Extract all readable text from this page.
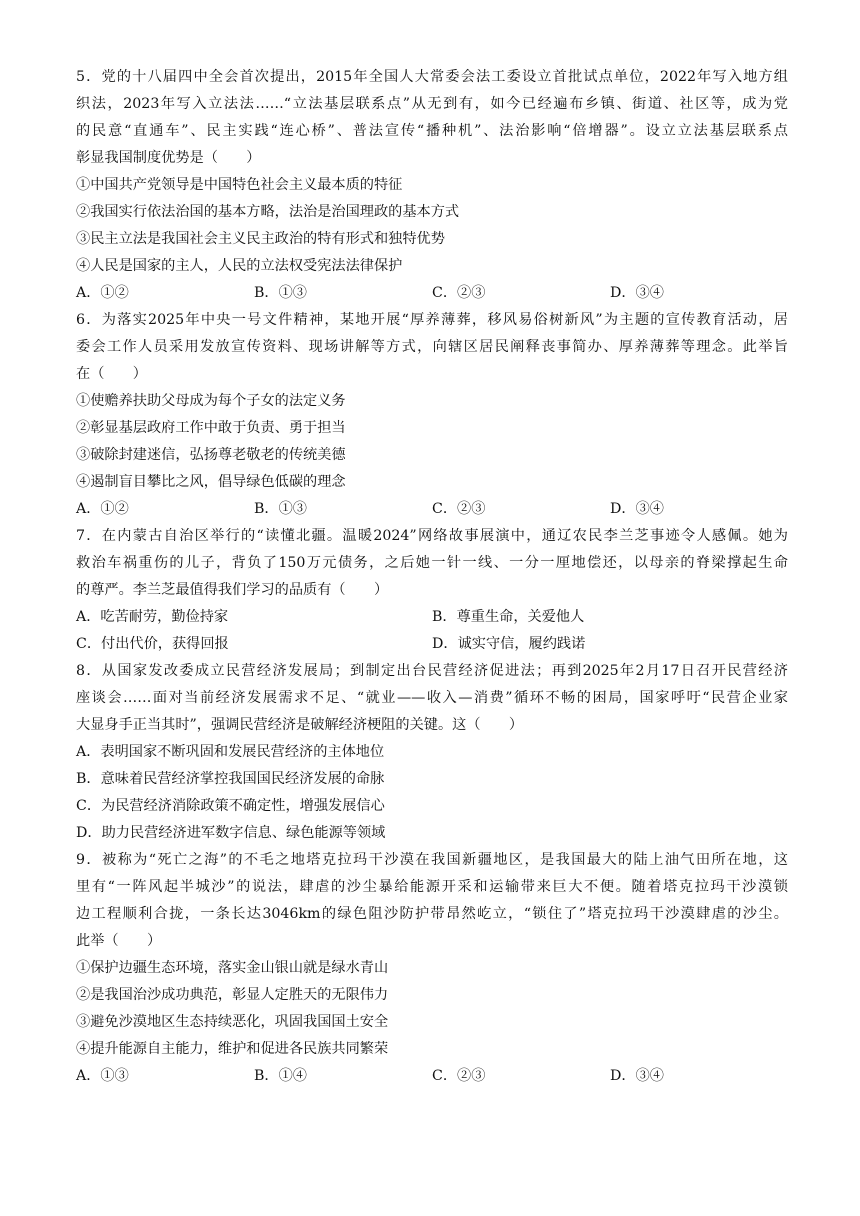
5．党的十八届四中全会首次提出，2015年全国人大常委会法工委设立首批试点单位，2022年写入地方组
织法，2023年写入立法法……“立法基层联系点”从无到有，如今已经遍布乡镇、街道、社区等，成为党
的民意“直通车”、民主实践“连心桥”、普法宣传“播种机”、法治影响“倍增器”。设立立法基层联系点
彰显我国制度优势是（　　）
①中国共产党领导是中国特色社会主义最本质的特征
②我国实行依法治国的基本方略，法治是治国理政的基本方式
③民主立法是我国社会主义民主政治的特有形式和独特优势
④人民是国家的主人，人民的立法权受宪法法律保护
A．①②	B．①③	C．②③	D．③④
6．为落实2025年中央一号文件精神，某地开展“厚养薄葬，移风易俗树新风”为主题的宣传教育活动，居
委会工作人员采用发放宣传资料、现场讲解等方式，向辖区居民阐释丧事简办、厚养薄葬等理念。此举旨
在（　　）
①使赡养扶助父母成为每个子女的法定义务
②彰显基层政府工作中敢于负责、勇于担当
③破除封建迷信，弘扬尊老敬老的传统美德
④遏制盲目攀比之风，倡导绿色低碳的理念
A．①②	B．①③	C．②③	D．③④
7．在内蒙古自治区举行的“读懂北疆。温暖2024”网络故事展演中，通辽农民李兰芝事迹令人感佩。她为
救治车祸重伤的儿子，背负了150万元债务，之后她一针一线、一分一厘地偿还，以母亲的脊梁撑起生命
的尊严。李兰芝最值得我们学习的品质有（　　）
A．吃苦耐劳，勤俭持家	B．尊重生命，关爱他人
C．付出代价，获得回报	D．诚实守信，履约践诺
8．从国家发改委成立民营经济发展局；到制定出台民营经济促进法；再到2025年2月17日召开民营经济
座谈会……面对当前经济发展需求不足、“就业——收入—消费”循环不畅的困局，国家呼吁“民营企业家
大显身手正当其时”，强调民营经济是破解经济梗阻的关键。这（　　）
A．表明国家不断巩固和发展民营经济的主体地位
B．意味着民营经济掌控我国国民经济发展的命脉
C．为民营经济消除政策不确定性，增强发展信心
D．助力民营经济进军数字信息、绿色能源等领域
9．被称为“死亡之海”的不毛之地塔克拉玛干沙漠在我国新疆地区，是我国最大的陆上油气田所在地，这
里有“一阵风起半城沙”的说法，肆虐的沙尘暴给能源开采和运输带来巨大不便。随着塔克拉玛干沙漠锁
边工程顺利合拢，一条长达3046km的绿色阻沙防护带昂然屹立，“锁住了”塔克拉玛干沙漠肆虐的沙尘。
此举（　　）
①保护边疆生态环境，落实金山银山就是绿水青山
②是我国治沙成功典范，彰显人定胜天的无限伟力
③避免沙漠地区生态持续恶化，巩固我国国土安全
④提升能源自主能力，维护和促进各民族共同繁荣
A．①③	B．①④	C．②③	D．③④
